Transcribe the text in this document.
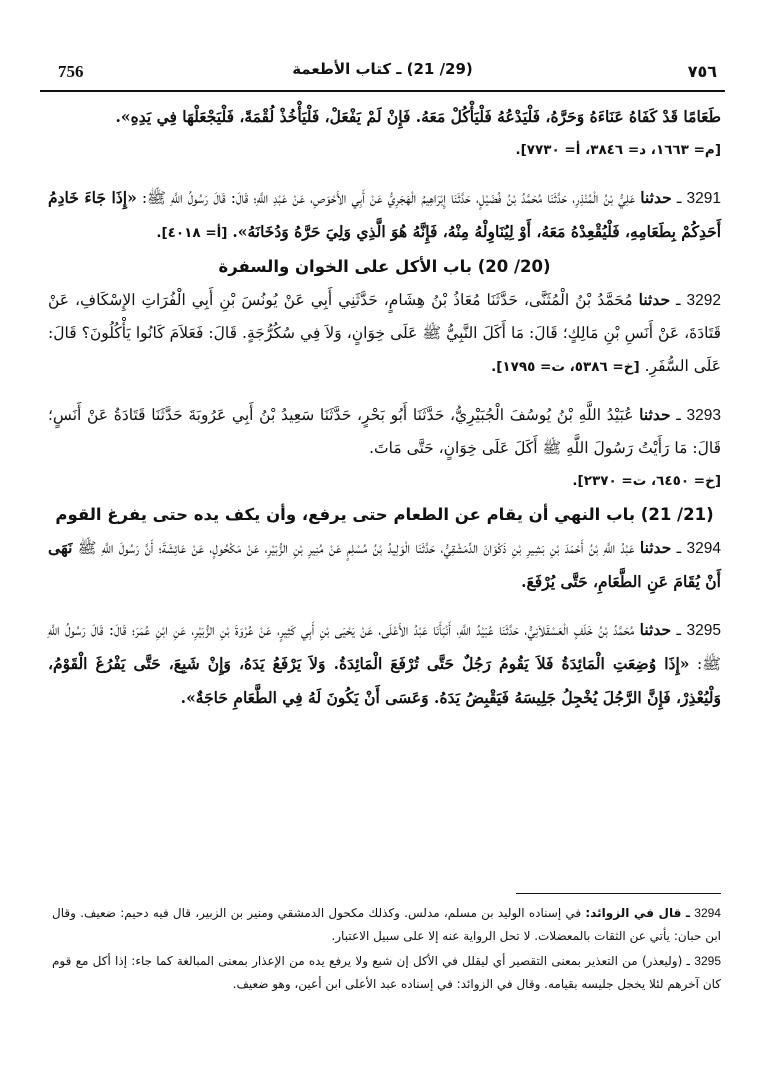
756	(29/ 21) ـ كتاب الأطعمة	٧٥٦

طَعَامًا قَدْ كَفَاهُ عَنَاءَهُ وَحَرَّهُ، فَلْيَدْعُهُ فَلْيَأْكُلْ مَعَهُ. فَإِنْ لَمْ يَفْعَلْ، فَلْيَأْخُذْ لُقْمَةً، فَلْيَجْعَلْهَا فِي يَدِهِ».

[م= ١٦٦٣، د= ٣٨٤٦، أ= ٧٧٣٠].

3291 ـ حدثنا عَلِيُّ بْنُ الْمُنْذِرِ، حَدَّثَنَا مُحَمَّدُ بْنُ فُضَيْلٍ، حَدَّثَنَا إِبْرَاهِيمُ الْهَجَرِيُّ عَنْ أَبِي الأَحْوَصِ، عَنْ عَبْدِ اللَّهِ؛ قَالَ: قَالَ رَسُولُ اللَّهِ ﷺ: «إِذَا جَاءَ خَادِمُ أَحَدِكُمْ بِطَعَامِهِ، فَلْيُقْعِدْهُ مَعَهُ، أَوْ لِيُنَاوِلْهُ مِنْهُ، فَإِنَّهُ هُوَ الَّذِي وَلِيَ حَرَّهُ وَدُخَانَهُ». [أ= ٤٠١٨].

(20/ 20) باب الأكل على الخوان والسفرة

3292 ـ حدثنا مُحَمَّدُ بْنُ الْمُثَنَّى، حَدَّثَنَا مُعَاذُ بْنُ هِشَامٍ، حَدَّثَنِي أَبِي عَنْ يُونُسَ بْنِ أَبِي الْفُرَاتِ الإِسْكَافِ، عَنْ قَتَادَةَ، عَنْ أَنَسِ بْنِ مَالِكٍ؛ قَالَ: مَا أَكَلَ النَّبِيُّ ﷺ عَلَى خِوَانٍ، وَلاَ فِي سُكُرُّجَةٍ. قَالَ: فَعَلاَمَ كَانُوا يَأْكُلُونَ؟ قَالَ: عَلَى السُّفَرِ. [خ= ٥٣٨٦، ت= ١٧٩٥].

3293 ـ حدثنا عُبَيْدُ اللَّهِ بْنُ يُوسُفَ الْجُبَيْرِيُّ، حَدَّثَنَا أَبُو بَحْرٍ، حَدَّثَنَا سَعِيدُ بْنُ أَبِي عَرُوبَةَ حَدَّثَنَا قَتَادَةُ عَنْ أَنَسٍ؛ قَالَ: مَا رَأَيْتُ رَسُولَ اللَّهِ ﷺ أَكَلَ عَلَى خِوَانٍ، حَتَّى مَاتَ.

[خ= ٦٤٥٠، ت= ٢٣٧٠].

(21/ 21) باب النهي أن يقام عن الطعام حتى يرفع، وأن يكف يده حتى يفرغ القوم

3294 ـ حدثنا عَبْدُ اللَّهِ بْنُ أَحْمَدَ بْنِ بَشِيرِ بْنِ ذَكْوَانَ الدِّمَشْقِيُّ، حَدَّثَنَا الْوَلِيدُ بْنُ مُسْلِمٍ عَنْ مُنِيرِ بْنِ الزُّبَيْرِ، عَنْ مَكْحُولٍ، عَنْ عَائِشَةَ؛ أَنَّ رَسُولَ اللَّهِ ﷺ نَهَى أَنْ يُقَامَ عَنِ الطَّعَامِ، حَتَّى يُرْفَعَ.

3295 ـ حدثنا مُحَمَّدُ بْنُ خَلَفٍ الْعَسْقَلاَنِيُّ، حَدَّثَنَا عُبَيْدُ اللَّهِ، أَنْبَأَنَا عَبْدُ الأَعْلَى، عَنْ يَحْيَى بْنِ أَبِي كَثِيرٍ، عَنْ عُرْوَةَ بْنِ الزُّبَيْرِ، عَنِ ابْنِ عُمَرَ؛ قَالَ: قَالَ رَسُولُ اللَّهِ ﷺ: «إِذَا وُضِعَتِ الْمَائِدَةُ فَلاَ يَقُومُ رَجُلٌ حَتَّى تُرْفَعَ الْمَائِدَةُ. وَلاَ يَرْفَعُ يَدَهُ، وَإِنْ شَبِعَ، حَتَّى يَفْرُغَ الْقَوْمُ، وَلْيُعْذِرْ، فَإِنَّ الرَّجُلَ يُخْجِلُ جَلِيسَهُ فَيَقْبِضُ يَدَهُ. وَعَسَى أَنْ يَكُونَ لَهُ فِي الطَّعَامِ حَاجَةٌ».

3294 ـ قال في الزوائد: في إسناده الوليد بن مسلم، مدلس. وكذلك مكحول الدمشقي ومنير بن الزبير، قال فيه دحيم: ضعيف. وقال ابن حبان: يأتي عن الثقات بالمعضلات. لا تحل الرواية عنه إلا على سبيل الاعتبار.

3295 ـ (وليعذر) من التعذير بمعنى التقصير أي ليقلل في الأكل إن شبع ولا يرفع يده من الإعذار بمعنى المبالغة كما جاء: إذا أكل مع قوم كان آخرهم لئلا يخجل جليسه بقيامه. وقال في الزوائد: في إسناده عبد الأعلى ابن أعين، وهو ضعيف.
